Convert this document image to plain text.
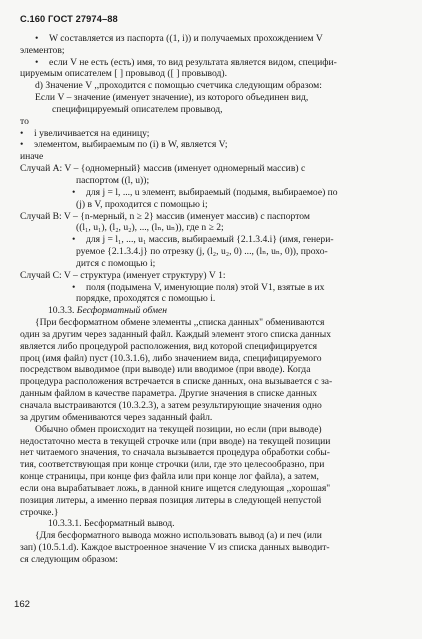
С.160 ГОСТ 27974–88
• W составляется из паспорта ((1, i)) и получаемых прохождением V
элементов;
• если V не есть (есть) имя, то вид результата является видом, специфи-
цируемым описателем [ ] провывод ([ ] провывод).
d) Значение V ,,проходится с помощью счетчика следующим образом:
Если V – значение (именует значение), из которого объединен вид,
специфицируемый описателем провывод,
то
• i увеличивается на единицу;
• элементом, выбираемым по (i) в W, является V;
иначе
Случай A: V – {одномерный} массив (именует одномерный массив) с
паспортом ((l, u));
• для j = l, ..., u элемент, выбираемый (подымя, выбираемое) по
(j) в V, проходится с помощью i;
Случай B: V – {n-мерный, n ≥ 2} массив (именует массив) с паспортом
((l₁, u₁), (l₂, u₂), ..., (lₙ, uₙ)), где n ≥ 2;
• для j = l₁, ..., u₁ массив, выбираемый {2.1.3.4.i} (имя, генери-
руемое {2.1.3.4.j} по отрезку (j, (l₂, u₂, 0) ..., (lₙ, uₙ, 0)), прохо-
дится с помощью i;
Случай C: V – структура (именует структуру) V 1:
• поля (подымена V, именующие поля) этой V1, взятые в их
порядке, проходятся с помощью i.
10.3.3. Бесформатный обмен
{При бесформатном обмене элементы ,,списка данных" обмениваются
один за другим через заданный файл. Каждый элемент этого списка данных
является либо процедурой расположения, вид которой специфицируется
проц (имя файл) пуст (10.3.1.6), либо значением вида, специфицируемого
посредством выводимое (при выводе) или вводимое (при вводе). Когда
процедура расположения встречается в списке данных, она вызывается с за-
данным файлом в качестве параметра. Другие значения в списке данных
сначала выстраиваются (10.3.2.3), а затем результирующие значения одно
за другим обмениваются через заданный файл.
Обычно обмен происходит на текущей позиции, но если (при выводе)
недостаточно места в текущей строчке или (при вводе) на текущей позиции
нет читаемого значения, то сначала вызывается процедура обработки собы-
тия, соответствующая при конце строчки (или, где это целесообразно, при
конце страницы, при конце физ файла или при конце лог файла), а затем,
если она вырабатывает ложь, в данной книге ищется следующая ,,хорошая"
позиция литеры, а именно первая позиция литеры в следующей непустой
строчке.}
10.3.3.1. Бесформатный вывод.
{Для бесформатного вывода можно использовать вывод (а) и печ (или
зап) (10.5.1.d). Каждое выстроенное значение V из списка данных выводит-
ся следующим образом:
162
